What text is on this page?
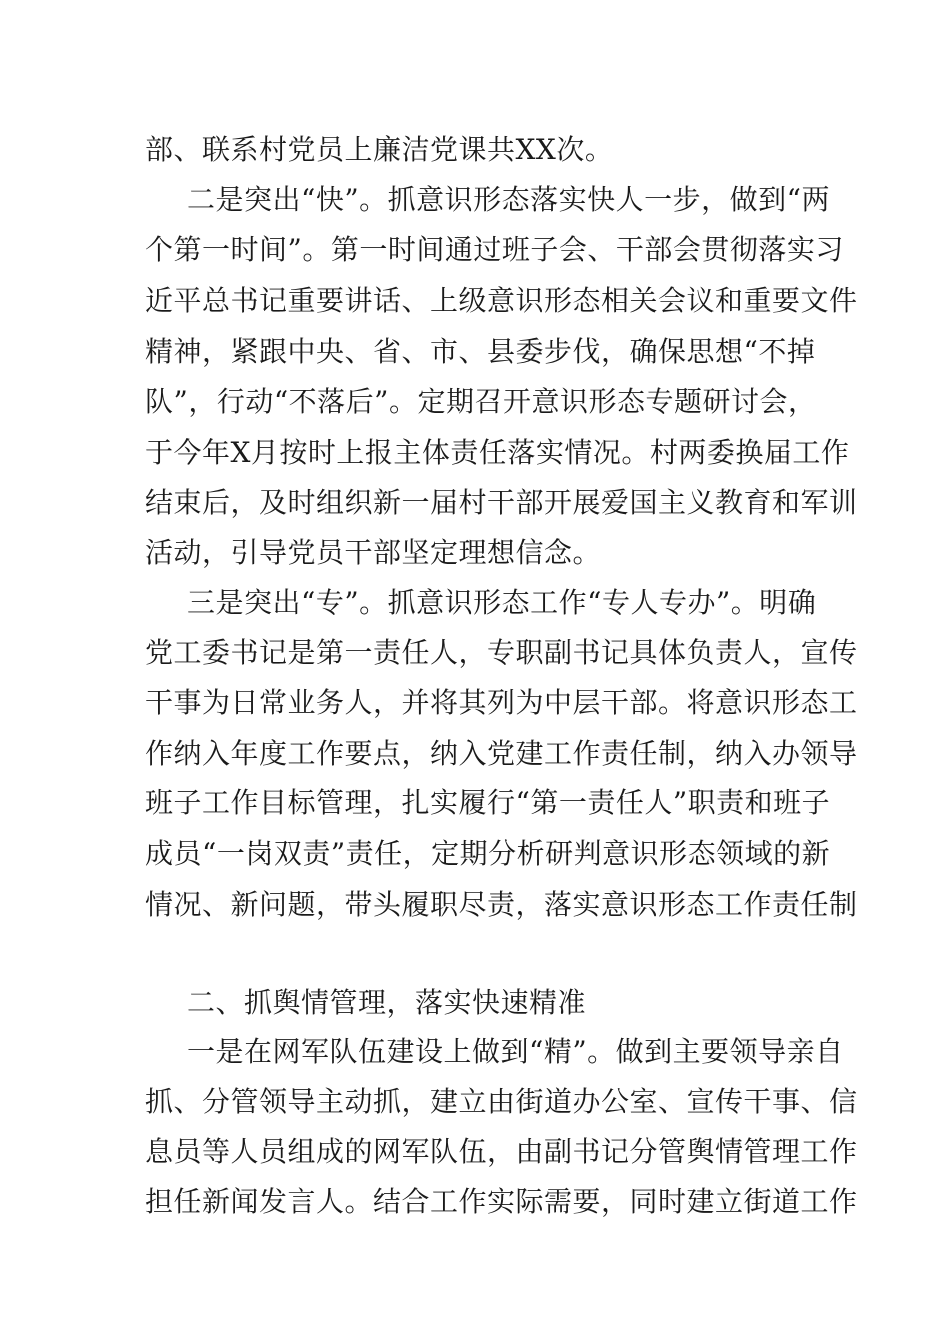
部、联系村党员上廉洁党课共XX次。
二是突出“快”。抓意识形态落实快人一步，做到“两
个第一时间”。第一时间通过班子会、干部会贯彻落实习
近平总书记重要讲话、上级意识形态相关会议和重要文件
精神，紧跟中央、省、市、县委步伐，确保思想“不掉
队”，行动“不落后”。定期召开意识形态专题研讨会，
于今年X月按时上报主体责任落实情况。村两委换届工作
结束后，及时组织新一届村干部开展爱国主义教育和军训
活动，引导党员干部坚定理想信念。
三是突出“专”。抓意识形态工作“专人专办”。明确
党工委书记是第一责任人，专职副书记具体负责人，宣传
干事为日常业务人，并将其列为中层干部。将意识形态工
作纳入年度工作要点，纳入党建工作责任制，纳入办领导
班子工作目标管理，扎实履行“第一责任人”职责和班子
成员“一岗双责”责任，定期分析研判意识形态领域的新
情况、新问题，带头履职尽责，落实意识形态工作责任制
二、抓舆情管理，落实快速精准
一是在网军队伍建设上做到“精”。做到主要领导亲自
抓、分管领导主动抓，建立由街道办公室、宣传干事、信
息员等人员组成的网军队伍，由副书记分管舆情管理工作
担任新闻发言人。结合工作实际需要，同时建立街道工作
